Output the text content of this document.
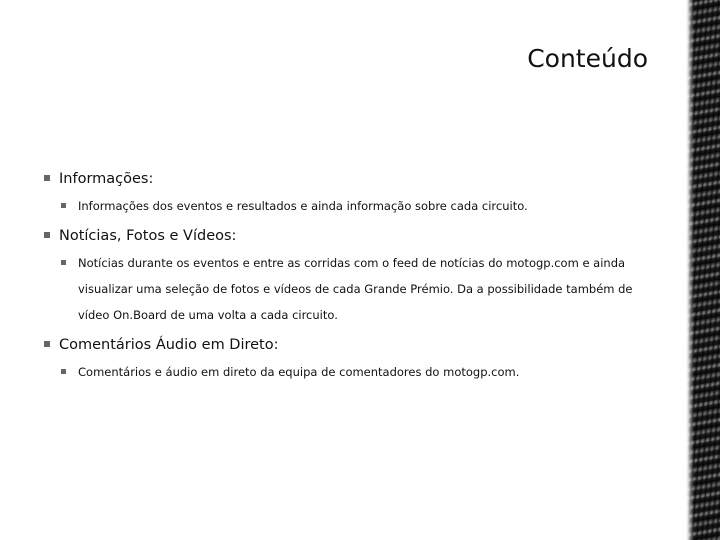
Conteúdo
Informações:
Informações dos eventos e resultados e ainda informação sobre cada circuito.
Notícias, Fotos e Vídeos:
Notícias durante os eventos e entre as corridas com o feed de notícias do motogp.com e ainda visualizar uma seleção de fotos e vídeos de cada Grande Prémio. Da a possibilidade também de vídeo On.Board de uma volta a cada circuito.
Comentários Áudio em Direto:
Comentários e áudio em direto da equipa de comentadores do motogp.com.
